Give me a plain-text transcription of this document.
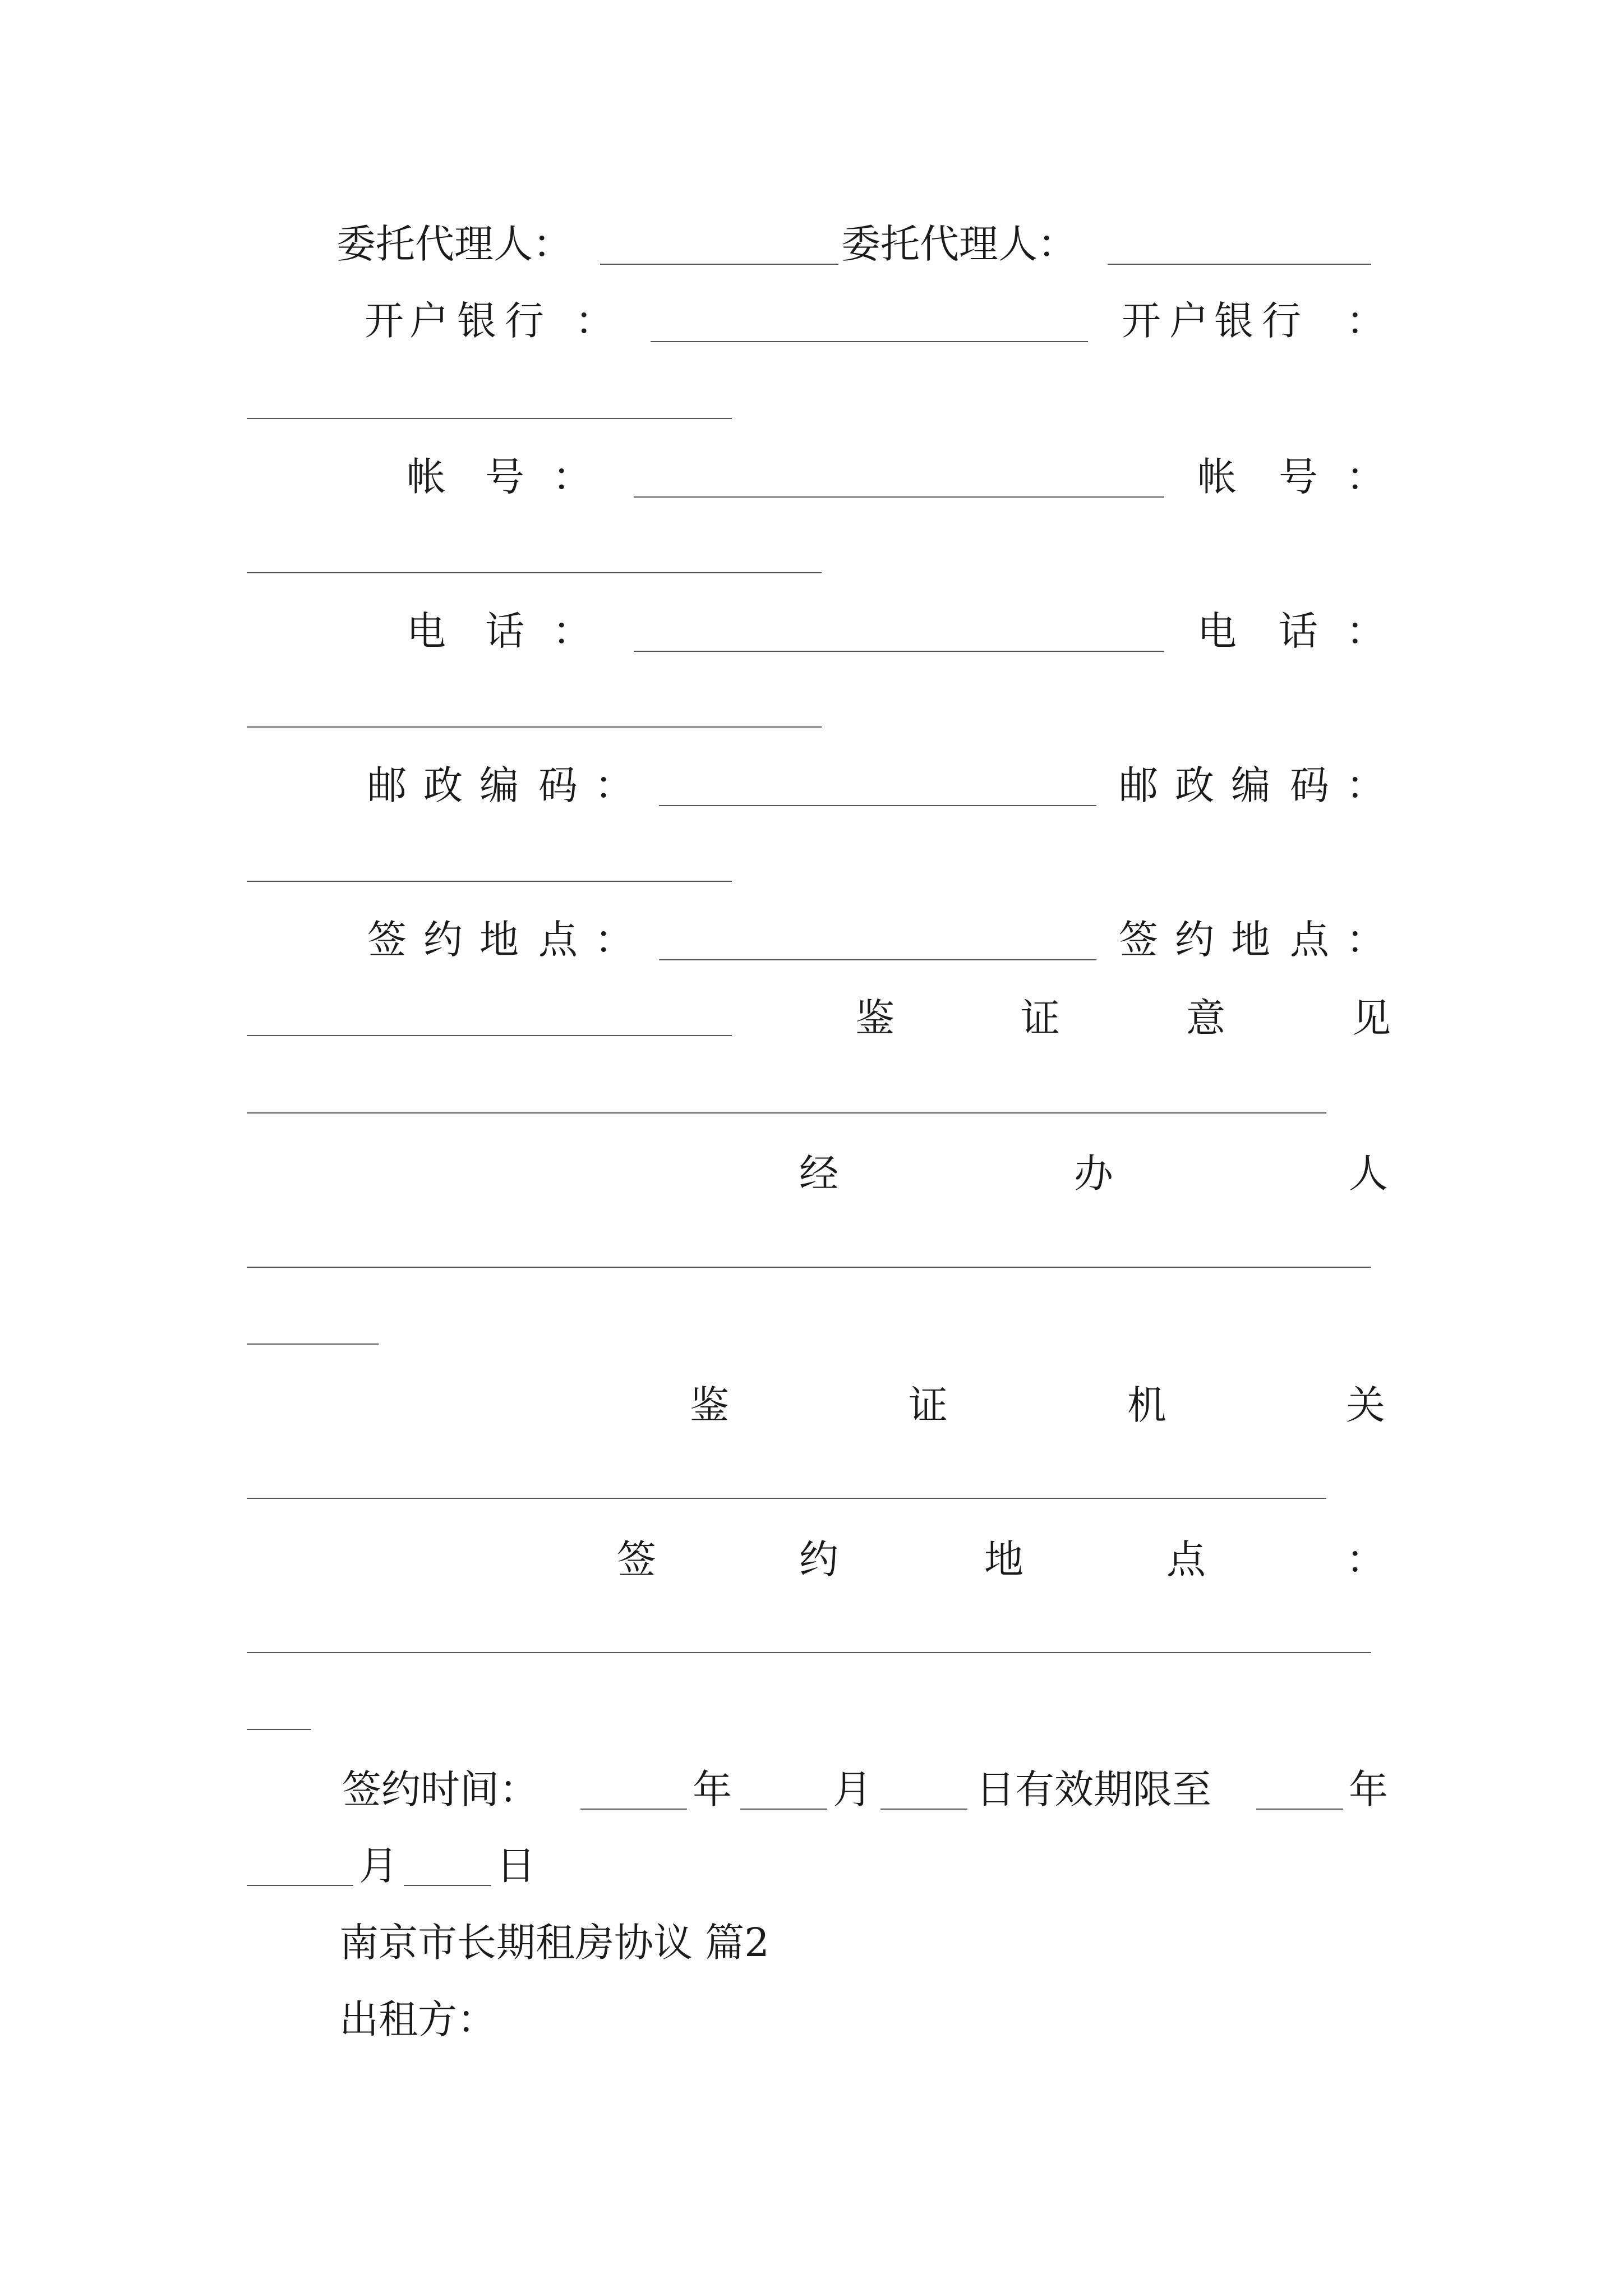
委托代理人：	委托代理人：
开 户 银 行 ：	开 户 银 行 ：
帐 号 ：	帐 号 ：
电 话 ：	电 话 ：
邮 政 编 码 ：	邮 政 编 码 ：
签 约 地 点 ：	签 约 地 点 ：
鉴	证	意	见
经	办	人
鉴	证	机	关
签	约	地	点	：
签约时间：	年	月	日有效期限至	年
月	日
南京市长期租房协议 篇2
出租方：
